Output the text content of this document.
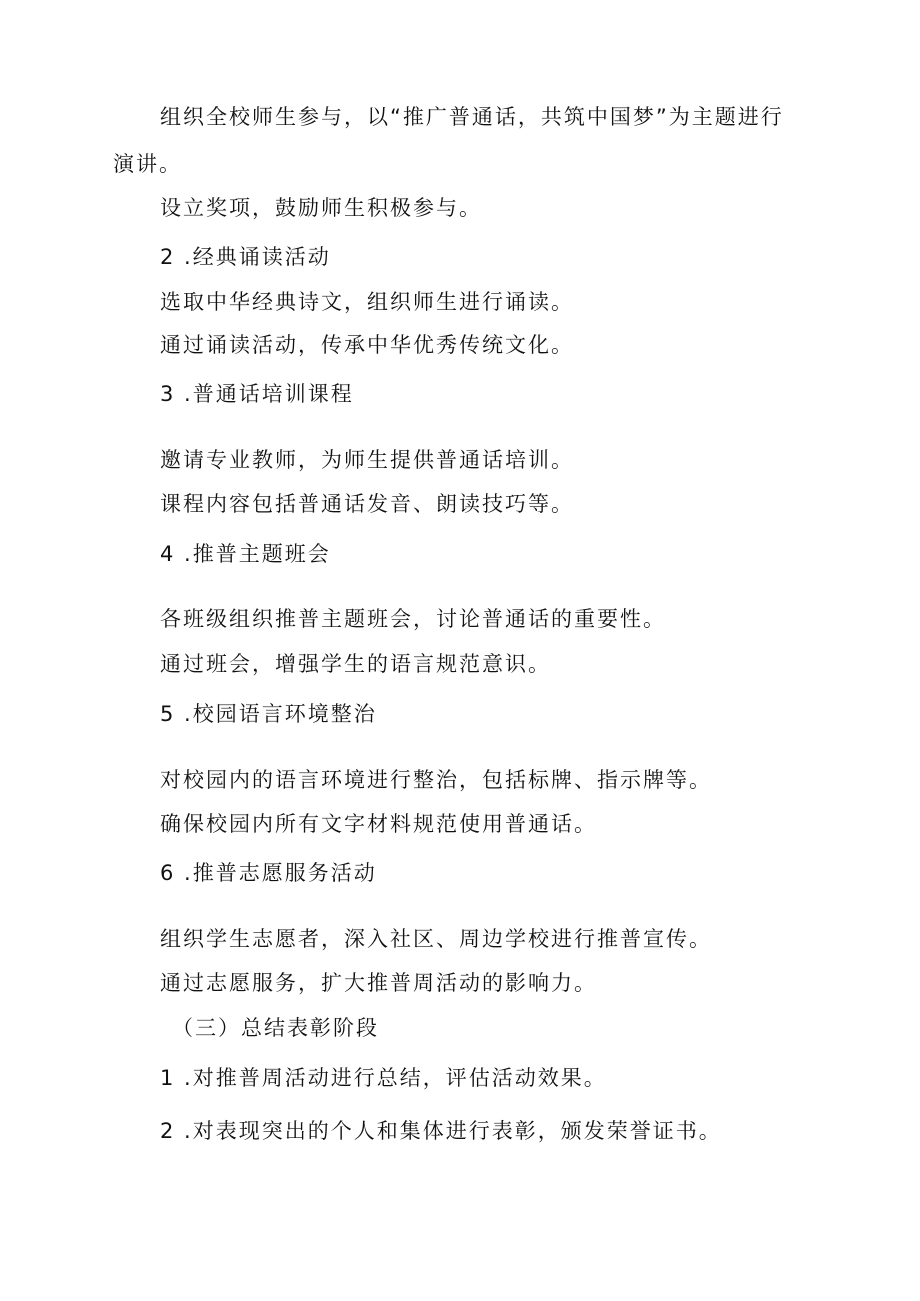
组织全校师生参与，以“推广普通话，共筑中国梦”为主题进行
演讲。
设立奖项，鼓励师生积极参与。
2 .经典诵读活动
选取中华经典诗文，组织师生进行诵读。
通过诵读活动，传承中华优秀传统文化。
3 .普通话培训课程
邀请专业教师，为师生提供普通话培训。
课程内容包括普通话发音、朗读技巧等。
4 .推普主题班会
各班级组织推普主题班会，讨论普通话的重要性。
通过班会，增强学生的语言规范意识。
5 .校园语言环境整治
对校园内的语言环境进行整治，包括标牌、指示牌等。
确保校园内所有文字材料规范使用普通话。
6 .推普志愿服务活动
组织学生志愿者，深入社区、周边学校进行推普宣传。
通过志愿服务，扩大推普周活动的影响力。
（三）总结表彰阶段
1 .对推普周活动进行总结，评估活动效果。
2 .对表现突出的个人和集体进行表彰，颁发荣誉证书。
